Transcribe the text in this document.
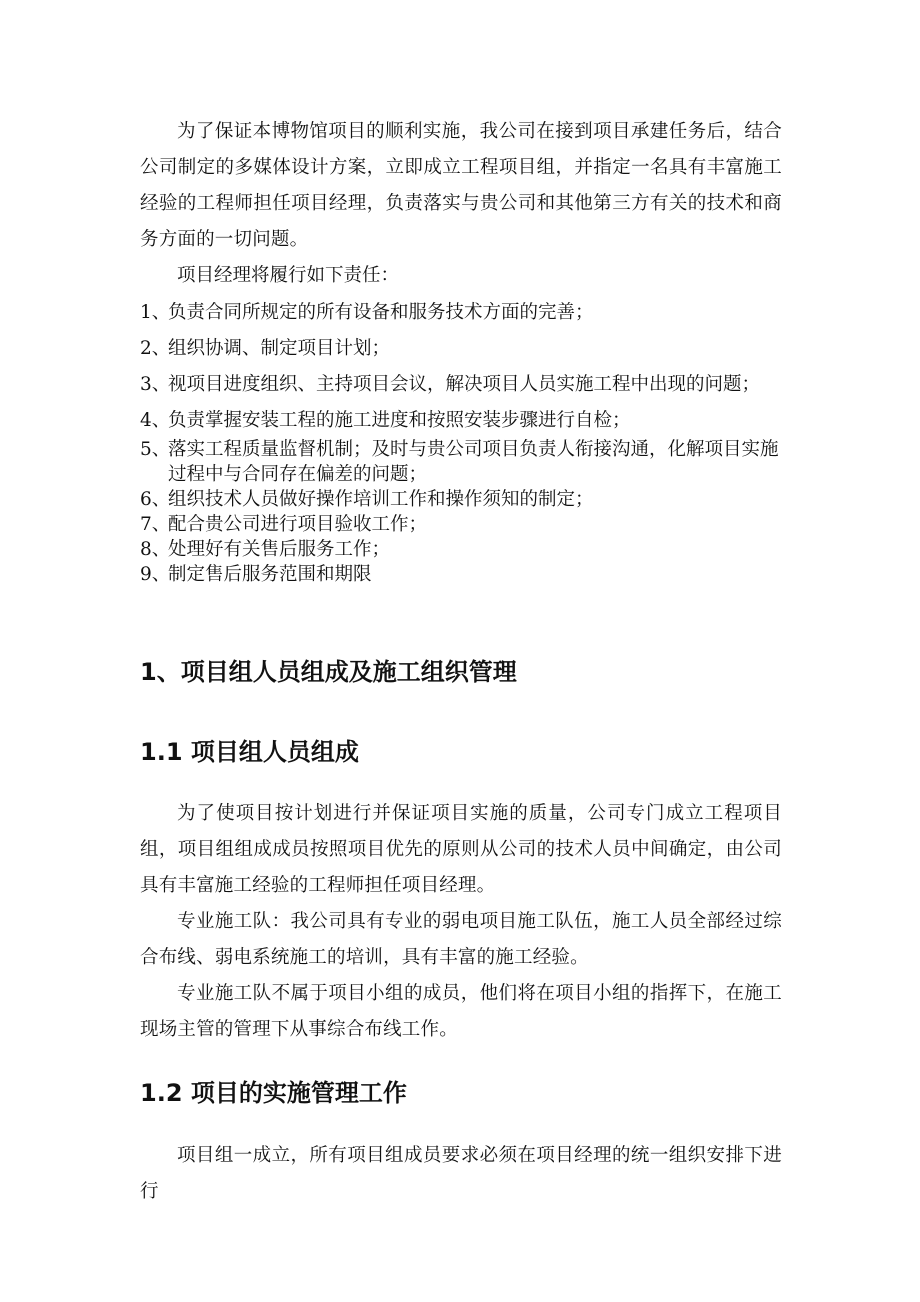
为了保证本博物馆项目的顺利实施，我公司在接到项目承建任务后，结合公司制定的多媒体设计方案，立即成立工程项目组，并指定一名具有丰富施工经验的工程师担任项目经理，负责落实与贵公司和其他第三方有关的技术和商务方面的一切问题。

项目经理将履行如下责任：

1、
负责合同所规定的所有设备和服务技术方面的完善；
2、
组织协调、制定项目计划；
3、
视项目进度组织、主持项目会议，解决项目人员实施工程中出现的问题；
4、
负责掌握安装工程的施工进度和按照安装步骤进行自检；
5、
落实工程质量监督机制；及时与贵公司项目负责人衔接沟通，化解项目实施过程中与合同存在偏差的问题；
6、
组织技术人员做好操作培训工作和操作须知的制定；
7、
配合贵公司进行项目验收工作；
8、
处理好有关售后服务工作；
9、
制定售后服务范围和期限
1、项目组人员组成及施工组织管理
1.1 项目组人员组成

为了使项目按计划进行并保证项目实施的质量，公司专门成立工程项目组，项目组组成成员按照项目优先的原则从公司的技术人员中间确定，由公司具有丰富施工经验的工程师担任项目经理。

专业施工队：我公司具有专业的弱电项目施工队伍，施工人员全部经过综合布线、弱电系统施工的培训，具有丰富的施工经验。

专业施工队不属于项目小组的成员，他们将在项目小组的指挥下，在施工现场主管的管理下从事综合布线工作。

1.2 项目的实施管理工作

项目组一成立，所有项目组成员要求必须在项目经理的统一组织安排下进行
